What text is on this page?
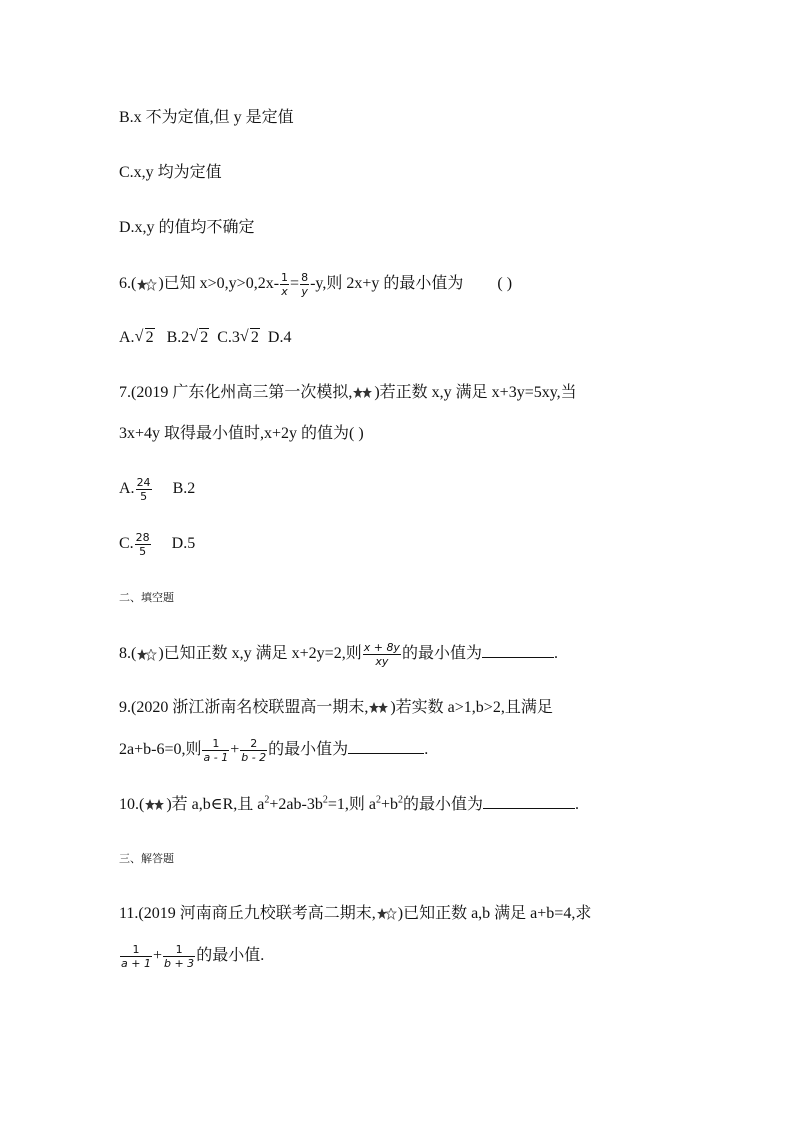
B.x 不为定值,但 y 是定值
C.x,y 均为定值
D.x,y 的值均不确定
6.( )已知 $x>0,y>0,2x- \frac{1}{x} = \frac{8}{y} -y$,则 2x+y 的最小值为 ( )
A. √ 2 B.2 √ 2 C.3 √ 2 D.4
7.(2019 广东化州高三第一次模拟, )若正数 x,y 满足 x+3y=5xy,当
3x+4y 取得最小值时,x+2y 的值为( )
A. $\frac{24}{5} B.2$
C. $\frac{28}{5} D.5$
二、填空题
8.( )已知正数 x,y 满足 x+2y=2,则 $\frac{x + 8y}{xy}$ 的最小值为	.
9.(2020 浙江浙南名校联盟高一期末, )若实数 a>1,b>2,且满足
2a+b-6=0,则 $\frac{1}{a - 1} + \frac{2}{b - 2}$ 的最小值为	.
10.( )若 a,b∈R,且 $a^2+2ab-3b^2=1$,则 $a^2+b^2$的最小值为	.
三、解答题
11.(2019 河南商丘九校联考高二期末, )已知正数 a,b 满足 a+b=4,求
$\frac{1}{a + 1} + \frac{1}{b + 3}$ 的最小值.
